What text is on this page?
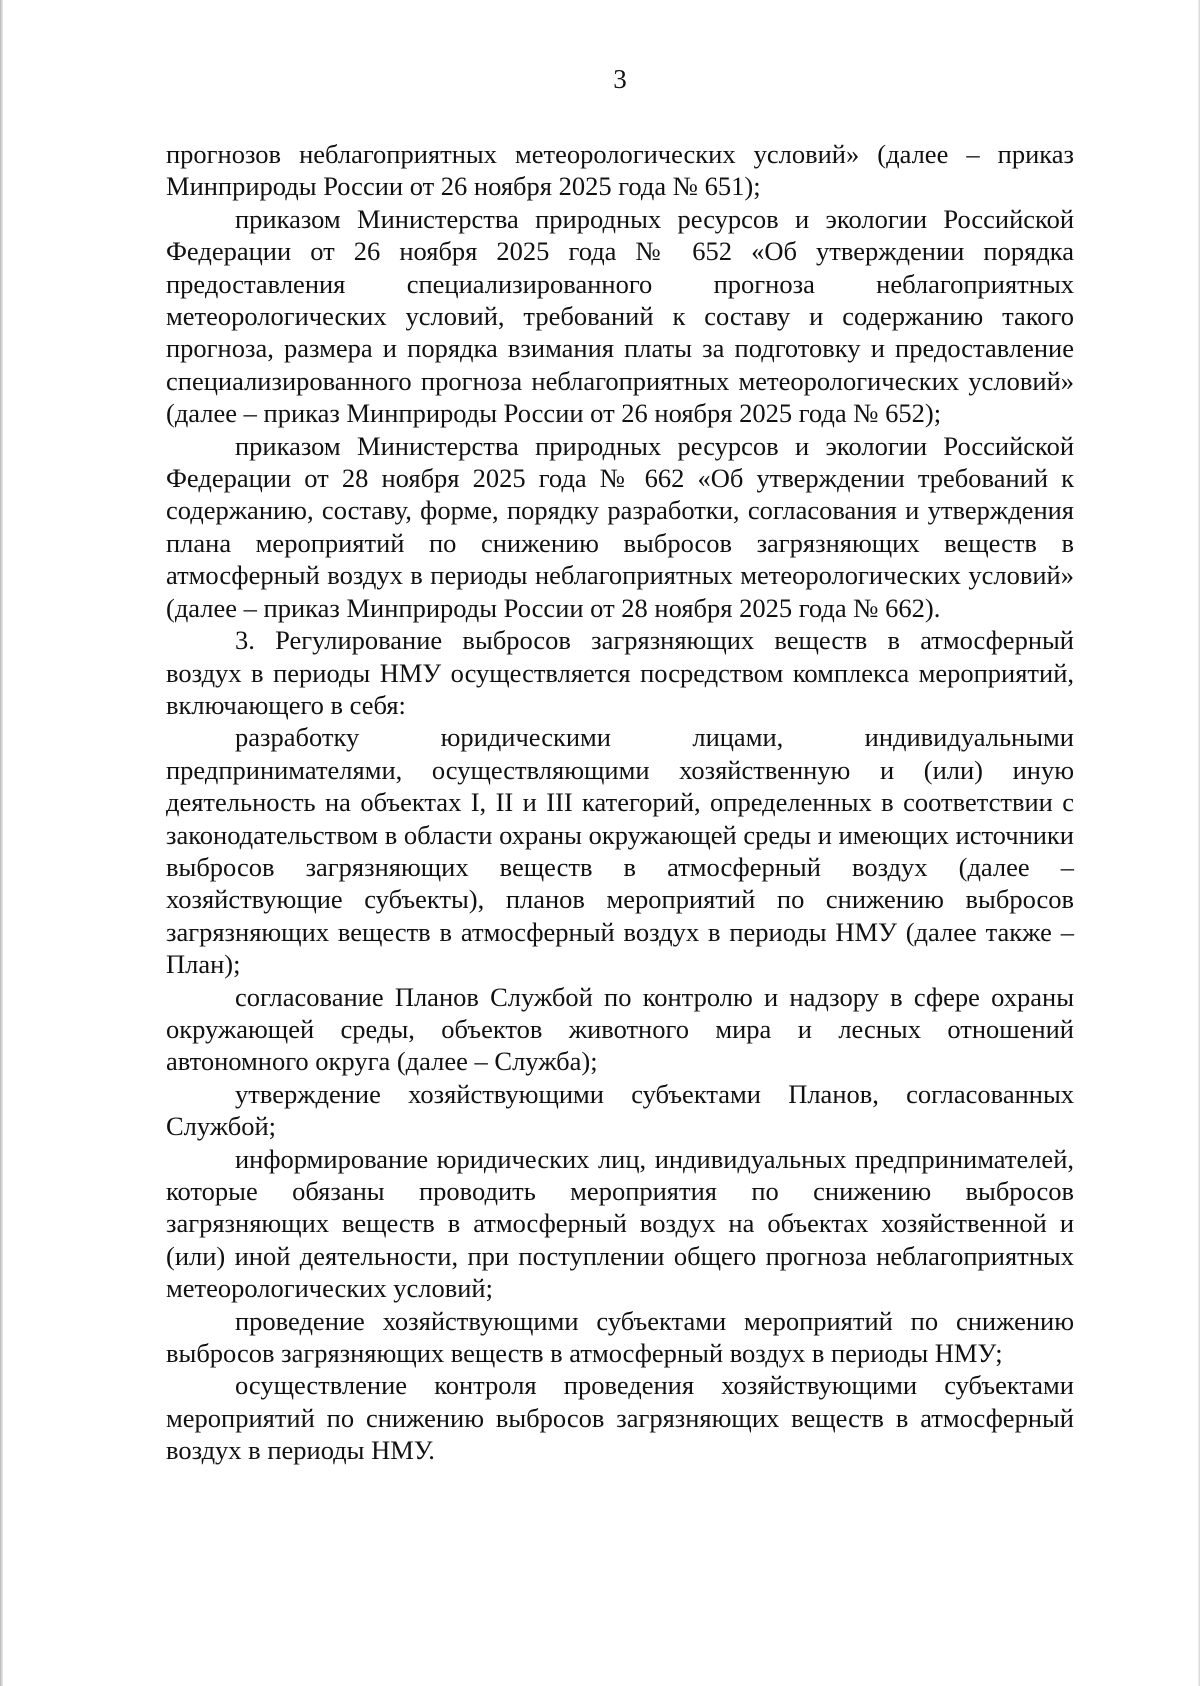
3

прогнозов неблагоприятных метеорологических условий» (далее – приказ Минприроды России от 26 ноября 2025 года № 651);

приказом Министерства природных ресурсов и экологии Российской Федерации от 26 ноября 2025 года № 652 «Об утверждении порядка предоставления специализированного прогноза неблагоприятных метеорологических условий, требований к составу и содержанию такого прогноза, размера и порядка взимания платы за подготовку и предоставление специализированного прогноза неблагоприятных метеорологических условий» (далее – приказ Минприроды России от 26 ноября 2025 года № 652);

приказом Министерства природных ресурсов и экологии Российской Федерации от 28 ноября 2025 года № 662 «Об утверждении требований к содержанию, составу, форме, порядку разработки, согласования и утверждения плана мероприятий по снижению выбросов загрязняющих веществ в атмосферный воздух в периоды неблагоприятных метеорологических условий» (далее – приказ Минприроды России от 28 ноября 2025 года № 662).

3. Регулирование выбросов загрязняющих веществ в атмосферный воздух в периоды НМУ осуществляется посредством комплекса мероприятий, включающего в себя:

разработку юридическими лицами, индивидуальными предпринимателями, осуществляющими хозяйственную и (или) иную деятельность на объектах I, II и III категорий, определенных в соответствии с законодательством в области охраны окружающей среды и имеющих источники выбросов загрязняющих веществ в атмосферный воздух (далее – хозяйствующие субъекты), планов мероприятий по снижению выбросов загрязняющих веществ в атмосферный воздух в периоды НМУ (далее также – План);

согласование Планов Службой по контролю и надзору в сфере охраны окружающей среды, объектов животного мира и лесных отношений автономного округа (далее – Служба);

утверждение хозяйствующими субъектами Планов, согласованных Службой;

информирование юридических лиц, индивидуальных предпринимателей, которые обязаны проводить мероприятия по снижению выбросов загрязняющих веществ в атмосферный воздух на объектах хозяйственной и (или) иной деятельности, при поступлении общего прогноза неблагоприятных метеорологических условий;

проведение хозяйствующими субъектами мероприятий по снижению выбросов загрязняющих веществ в атмосферный воздух в периоды НМУ;

осуществление контроля проведения хозяйствующими субъектами мероприятий по снижению выбросов загрязняющих веществ в атмосферный воздух в периоды НМУ.
